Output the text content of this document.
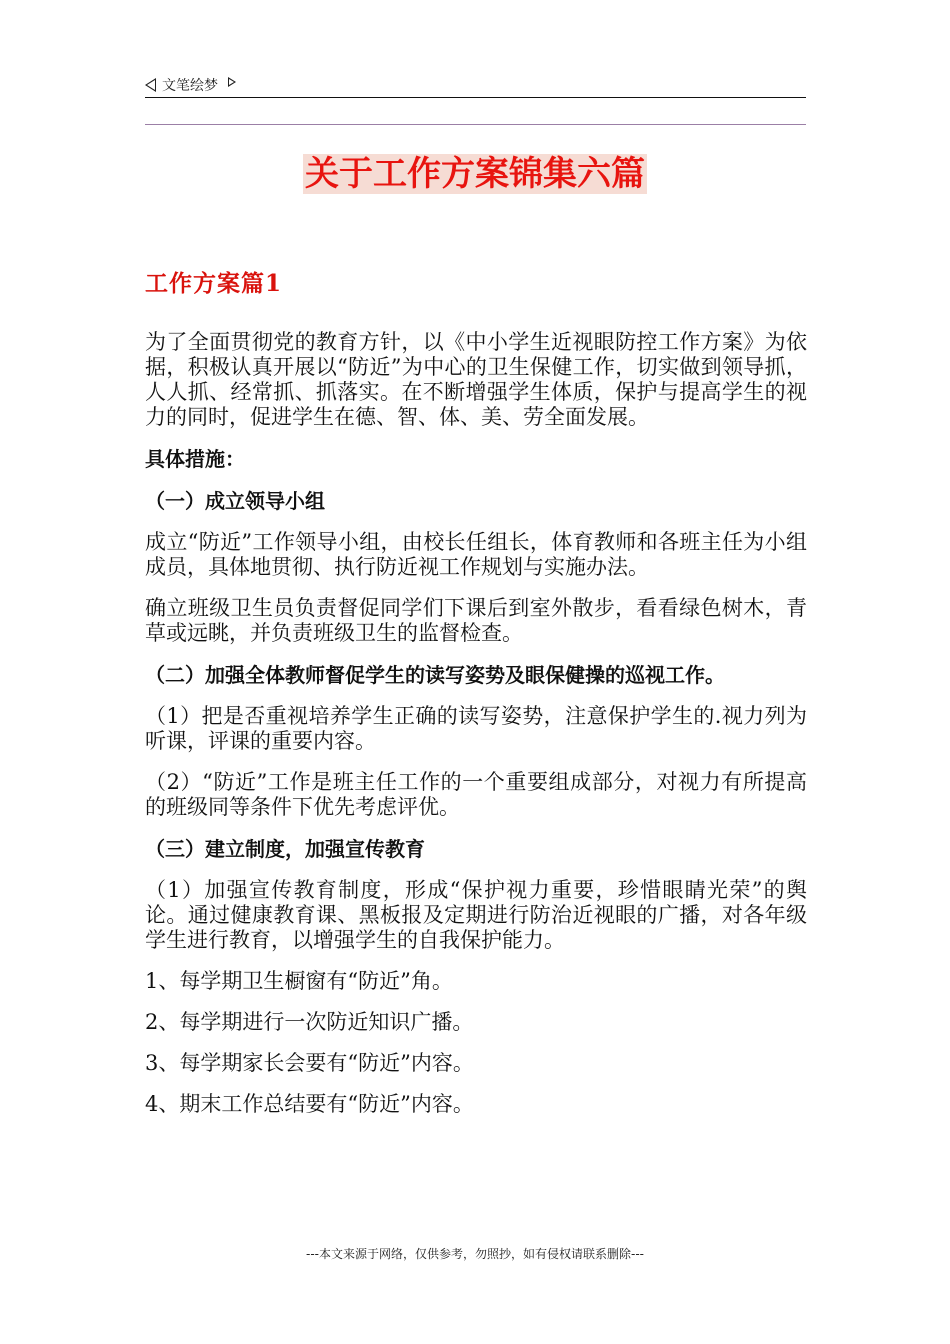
文笔绘梦
关于工作方案锦集六篇
工作方案篇1
为了全面贯彻党的教育方针，以《中小学生近视眼防控工作方案》为依据，积极认真开展以“防近”为中心的卫生保健工作，切实做到领导抓，人人抓、经常抓、抓落实。在不断增强学生体质，保护与提高学生的视力的同时，促进学生在德、智、体、美、劳全面发展。
具体措施：
（一）成立领导小组
成立“防近”工作领导小组，由校长任组长，体育教师和各班主任为小组成员，具体地贯彻、执行防近视工作规划与实施办法。
确立班级卫生员负责督促同学们下课后到室外散步，看看绿色树木，青草或远眺，并负责班级卫生的监督检查。
（二）加强全体教师督促学生的读写姿势及眼保健操的巡视工作。
（1）把是否重视培养学生正确的读写姿势，注意保护学生的.视力列为听课，评课的重要内容。
（2）“防近”工作是班主任工作的一个重要组成部分，对视力有所提高的班级同等条件下优先考虑评优。
（三）建立制度，加强宣传教育
（1）加强宣传教育制度，形成“保护视力重要，珍惜眼睛光荣”的舆论。通过健康教育课、黑板报及定期进行防治近视眼的广播，对各年级学生进行教育，以增强学生的自我保护能力。
1、每学期卫生橱窗有“防近”角。
2、每学期进行一次防近知识广播。
3、每学期家长会要有“防近”内容。
4、期末工作总结要有“防近”内容。
---本文来源于网络，仅供参考，勿照抄，如有侵权请联系删除---
